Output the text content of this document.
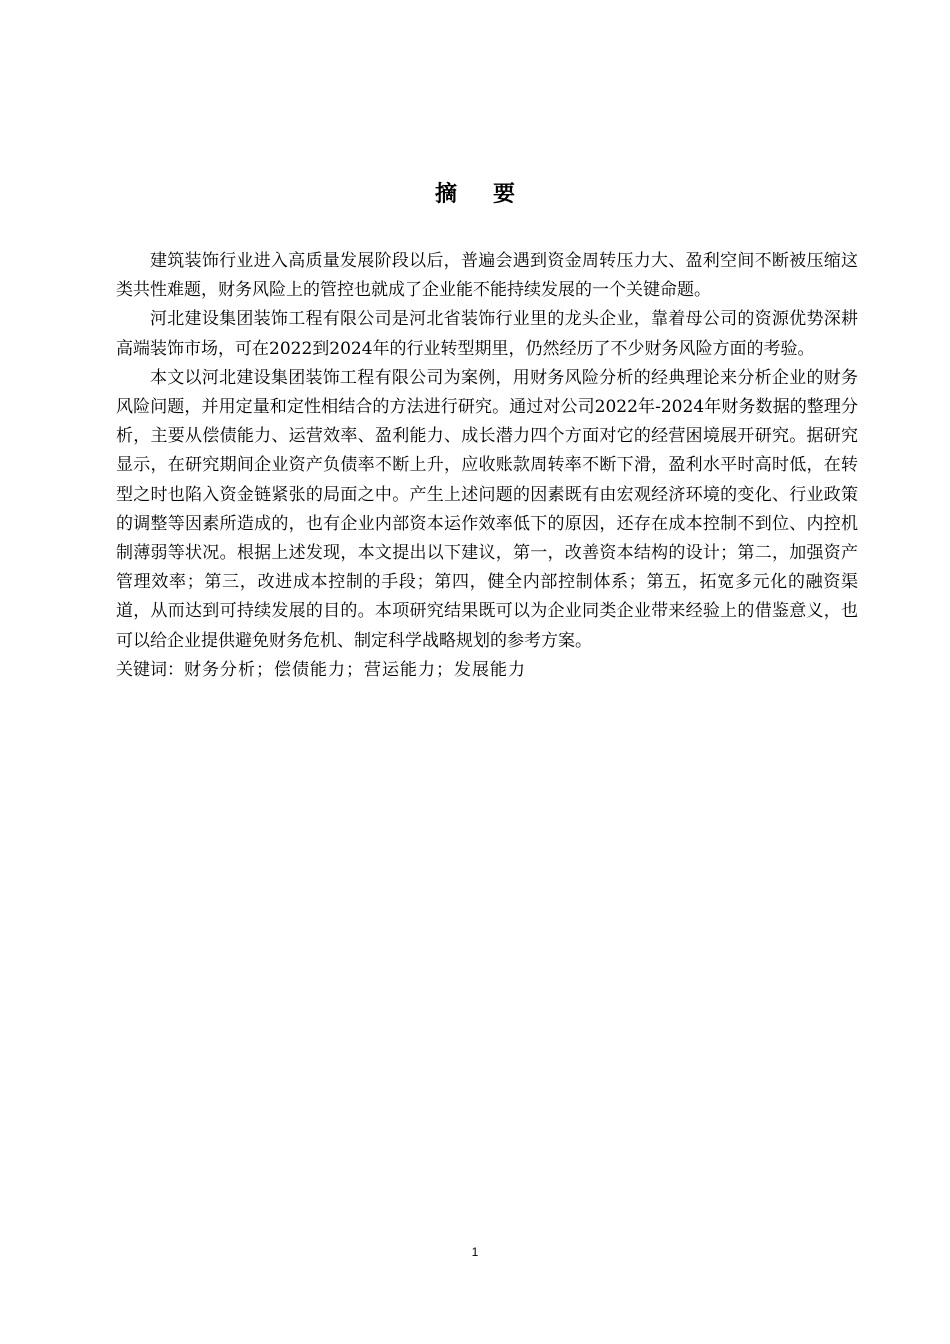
摘 要

建筑装饰行业进入高质量发展阶段以后，普遍会遇到资金周转压力大、盈利空间不断被压缩这类共性难题，财务风险上的管控也就成了企业能不能持续发展的一个关键命题。

河北建设集团装饰工程有限公司是河北省装饰行业里的龙头企业，靠着母公司的资源优势深耕高端装饰市场，可在2022到2024年的行业转型期里，仍然经历了不少财务风险方面的考验。

本文以河北建设集团装饰工程有限公司为案例，用财务风险分析的经典理论来分析企业的财务风险问题，并用定量和定性相结合的方法进行研究。通过对公司2022年-2024年财务数据的整理分析，主要从偿债能力、运营效率、盈利能力、成长潜力四个方面对它的经营困境展开研究。据研究显示，在研究期间企业资产负债率不断上升，应收账款周转率不断下滑，盈利水平时高时低，在转型之时也陷入资金链紧张的局面之中。产生上述问题的因素既有由宏观经济环境的变化、行业政策的调整等因素所造成的，也有企业内部资本运作效率低下的原因，还存在成本控制不到位、内控机制薄弱等状况。根据上述发现，本文提出以下建议，第一，改善资本结构的设计；第二，加强资产管理效率；第三，改进成本控制的手段；第四，健全内部控制体系；第五，拓宽多元化的融资渠道，从而达到可持续发展的目的。本项研究结果既可以为企业同类企业带来经验上的借鉴意义，也可以给企业提供避免财务危机、制定科学战略规划的参考方案。

关键词：财务分析；偿债能力；营运能力；发展能力

1
